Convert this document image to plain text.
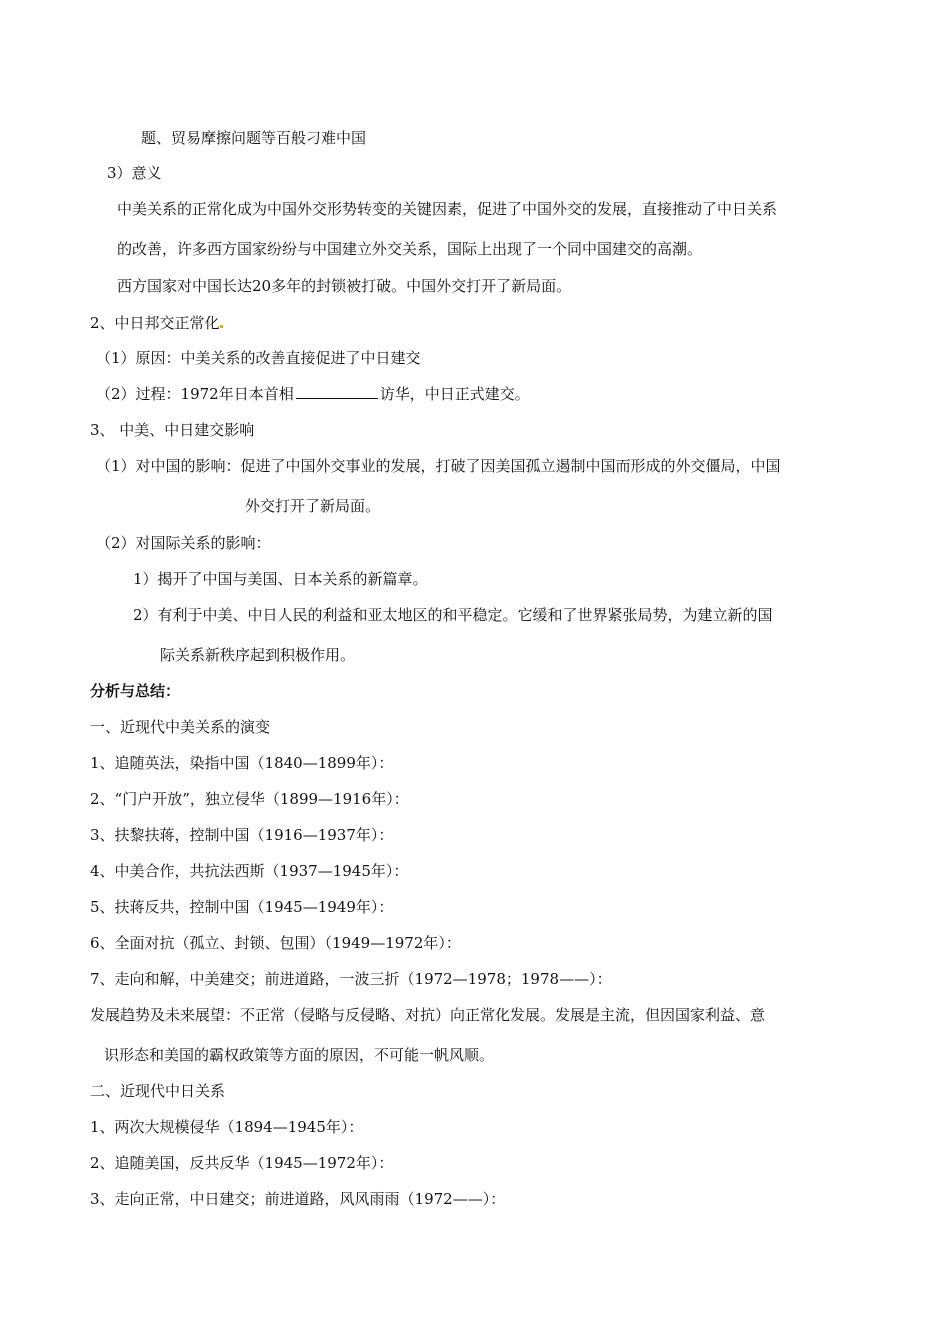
题、贸易摩擦问题等百般刁难中国
3）意义
中美关系的正常化成为中国外交形势转变的关键因素，促进了中国外交的发展，直接推动了中日关系
的改善，许多西方国家纷纷与中国建立外交关系，国际上出现了一个同中国建交的高潮。
西方国家对中国长达20多年的封锁被打破。中国外交打开了新局面。
2、中日邦交正常化
（1）原因：中美关系的改善直接促进了中日建交
（2）过程：1972年日本首相	访华，中日正式建交。
3、 中美、中日建交影响
（1）对中国的影响：促进了中国外交事业的发展，打破了因美国孤立遏制中国而形成的外交僵局，中国
外交打开了新局面。
（2）对国际关系的影响：
1）揭开了中国与美国、日本关系的新篇章。
2）有利于中美、中日人民的利益和亚太地区的和平稳定。它缓和了世界紧张局势，为建立新的国
际关系新秩序起到积极作用。
分析与总结：
一、近现代中美关系的演变
1、追随英法，染指中国（1840—1899年）：
2、“门户开放”，独立侵华（1899—1916年）：
3、扶黎扶蒋，控制中国（1916—1937年）：
4、中美合作，共抗法西斯（1937—1945年）：
5、扶蒋反共，控制中国（1945—1949年）：
6、全面对抗（孤立、封锁、包围）（1949—1972年）：
7、走向和解，中美建交；前进道路，一波三折（1972—1978；1978——）：
发展趋势及未来展望：不正常（侵略与反侵略、对抗）向正常化发展。发展是主流，但因国家利益、意
识形态和美国的霸权政策等方面的原因，不可能一帆风顺。
二、近现代中日关系
1、两次大规模侵华（1894—1945年）：
2、追随美国，反共反华（1945—1972年）：
3、走向正常，中日建交；前进道路，风风雨雨（1972——）：
